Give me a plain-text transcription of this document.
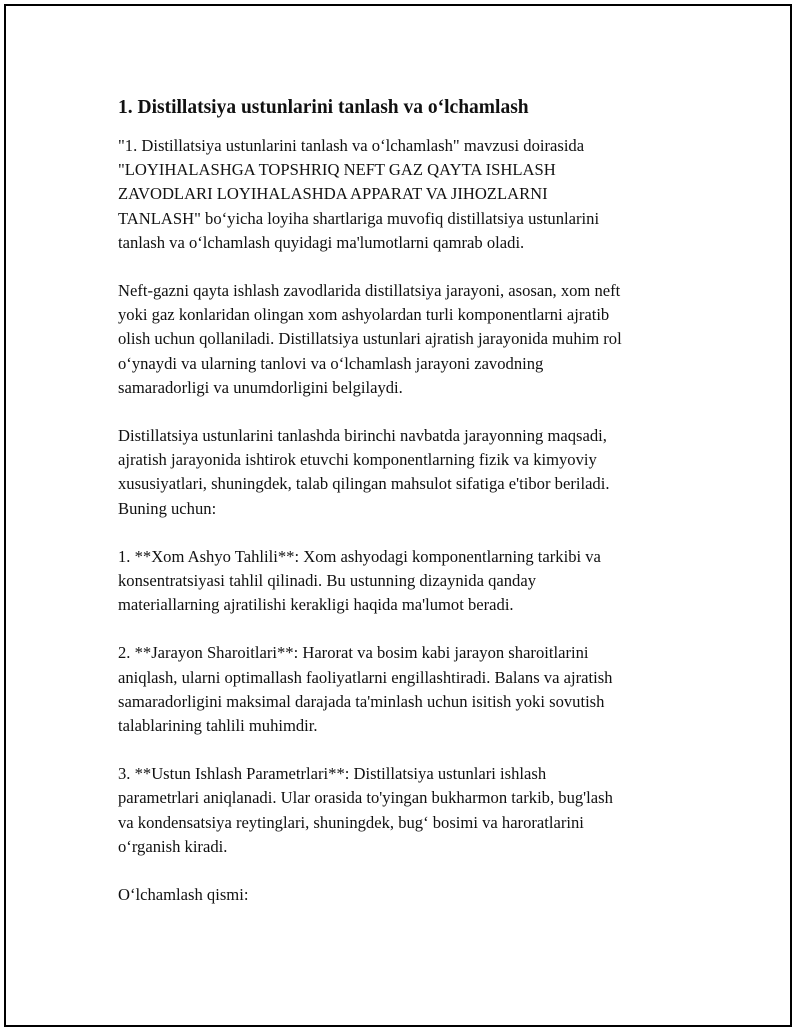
1. Distillatsiya ustunlarini tanlash va o‘lchamlash

"1. Distillatsiya ustunlarini tanlash va o‘lchamlash" mavzusi doirasida
"LOYIHALASHGA TOPSHRIQ NEFT GAZ QAYTA ISHLASH
ZAVODLARI LOYIHALASHDA APPARAT VA JIHOZLARNI
TANLASH" bo‘yicha loyiha shartlariga muvofiq distillatsiya ustunlarini
tanlash va o‘lchamlash quyidagi ma'lumotlarni qamrab oladi.

Neft-gazni qayta ishlash zavodlarida distillatsiya jarayoni, asosan, xom neft
yoki gaz konlaridan olingan xom ashyolardan turli komponentlarni ajratib
olish uchun qollaniladi. Distillatsiya ustunlari ajratish jarayonida muhim rol
o‘ynaydi va ularning tanlovi va o‘lchamlash jarayoni zavodning
samaradorligi va unumdorligini belgilaydi.

Distillatsiya ustunlarini tanlashda birinchi navbatda jarayonning maqsadi,
ajratish jarayonida ishtirok etuvchi komponentlarning fizik va kimyoviy
xususiyatlari, shuningdek, talab qilingan mahsulot sifatiga e'tibor beriladi.
Buning uchun:

1. **Xom Ashyo Tahlili**: Xom ashyodagi komponentlarning tarkibi va
konsentratsiyasi tahlil qilinadi. Bu ustunning dizaynida qanday
materiallarning ajratilishi kerakligi haqida ma'lumot beradi.

2. **Jarayon Sharoitlari**: Harorat va bosim kabi jarayon sharoitlarini
aniqlash, ularni optimallash faoliyatlarni engillashtiradi. Balans va ajratish
samaradorligini maksimal darajada ta'minlash uchun isitish yoki sovutish
talablarining tahlili muhimdir.

3. **Ustun Ishlash Parametrlari**: Distillatsiya ustunlari ishlash
parametrlari aniqlanadi. Ular orasida to'yingan bukharmon tarkib, bug'lash
va kondensatsiya reytinglari, shuningdek, bug‘ bosimi va haroratlarini
o‘rganish kiradi.

O‘lchamlash qismi:
